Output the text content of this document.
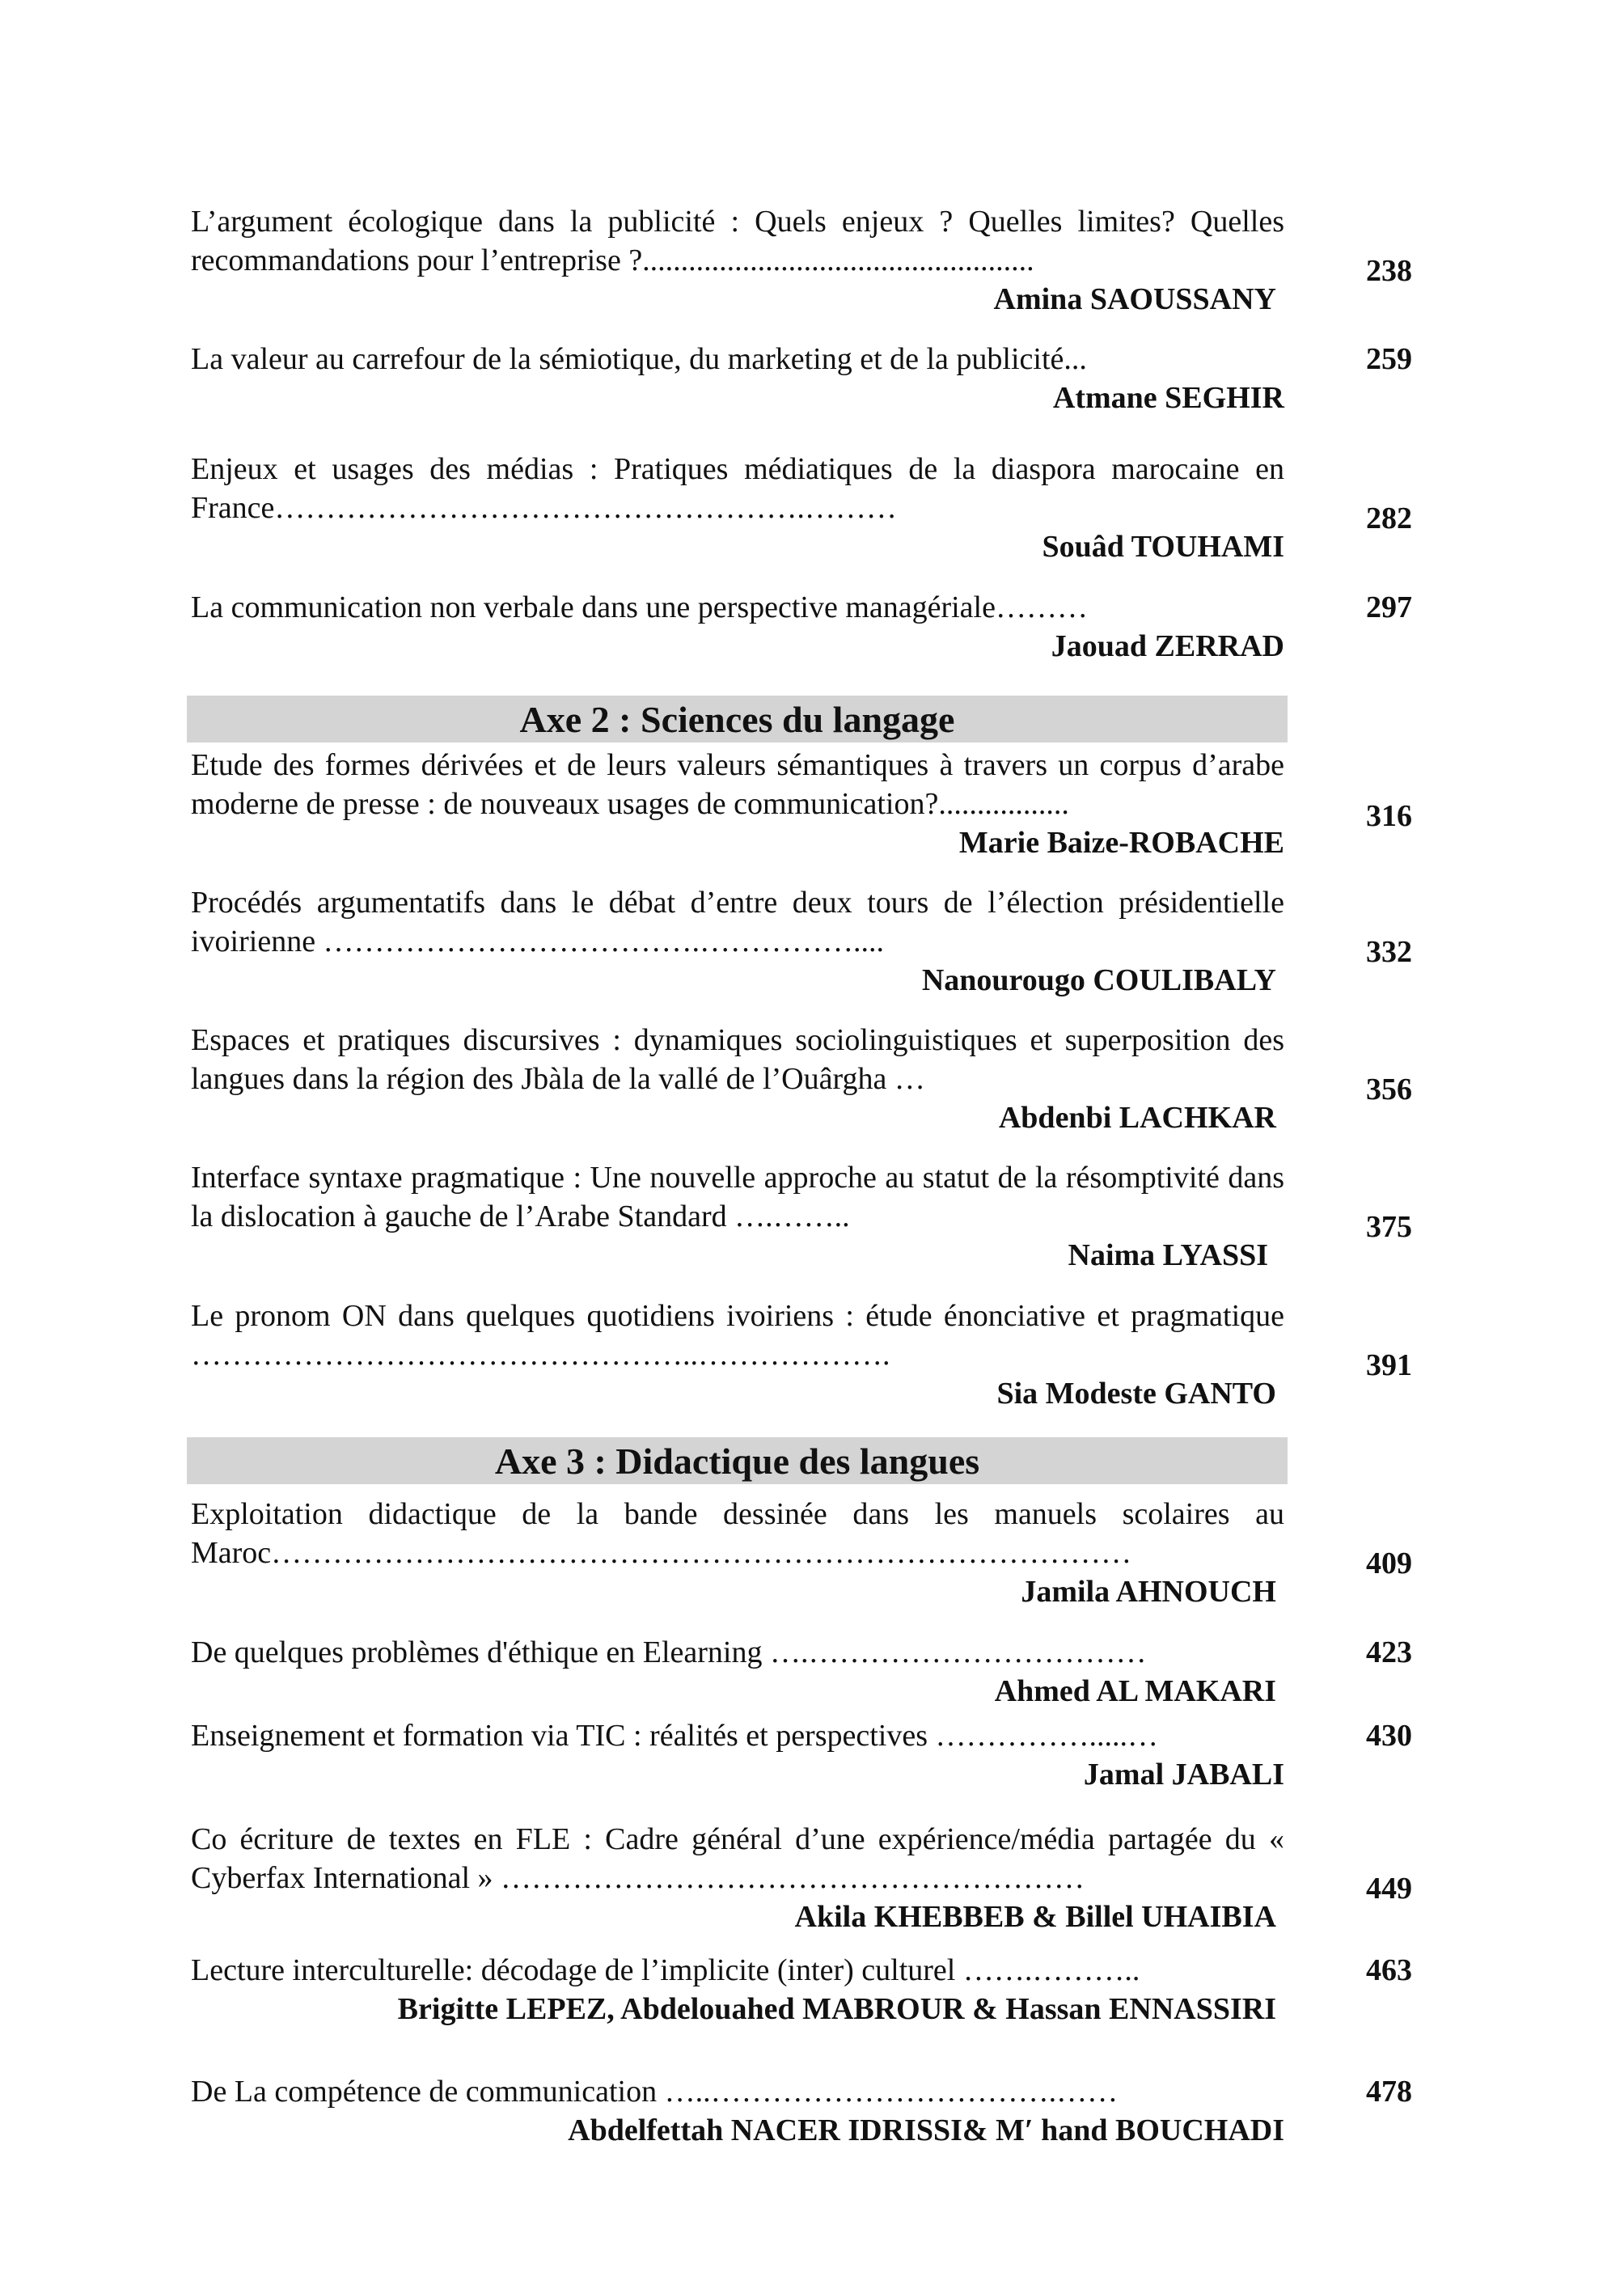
L’argument écologique dans la publicité : Quels enjeux ? Quelles limites? Quelles recommandations pour l’entreprise ?...................................................
Amina SAOUSSANY
238
La valeur au carrefour de la sémiotique, du marketing et de la publicité...
Atmane SEGHIR
259
Enjeux et usages des médias : Pratiques médiatiques de la diaspora marocaine en France…………………………………………….………
Souâd TOUHAMI
282
La communication non verbale dans une perspective managériale………
Jaouad ZERRAD
297
Axe 2 : Sciences du langage
Etude des formes dérivées et de leurs valeurs sémantiques à travers un corpus d’arabe moderne de presse : de nouveaux usages de communication?.................
Marie Baize-ROBACHE
316
Procédés argumentatifs dans le débat d’entre deux tours de l’élection présidentielle ivoirienne ……………………………….……………....
Nanourougo COULIBALY
332
Espaces et pratiques discursives : dynamiques sociolinguistiques et superposition des langues dans la région des Jbàla de la vallé de l’Ouârgha …
Abdenbi LACHKAR
356
Interface syntaxe pragmatique : Une nouvelle approche au statut de la résomptivité dans la dislocation à gauche de l’Arabe Standard ….……..
Naima LYASSI
375
Le pronom ON dans quelques quotidiens ivoiriens : étude énonciative et pragmatique …………………………………………..……………….
Sia Modeste GANTO
391
Axe 3 : Didactique des langues
Exploitation didactique de la bande dessinée dans les manuels scolaires au Maroc…………………………………………………………………………
Jamila AHNOUCH
409
De quelques problèmes d'éthique en Elearning ….……………………………
Ahmed AL MAKARI
423
Enseignement et formation via TIC : réalités et perspectives …………….....…
Jamal JABALI
430
Co écriture de textes en FLE : Cadre général d’une expérience/média partagée du « Cyberfax International » …………………………………………………
Akila KHEBBEB & Billel UHAIBIA
449
Lecture interculturelle: décodage de l’implicite (inter) culturel …….………..
Brigitte LEPEZ, Abdelouahed MABROUR & Hassan ENNASSIRI
463
De La compétence de communication …..…………………………….……
Abdelfettah NACER IDRISSI& M′ hand BOUCHADI
478
